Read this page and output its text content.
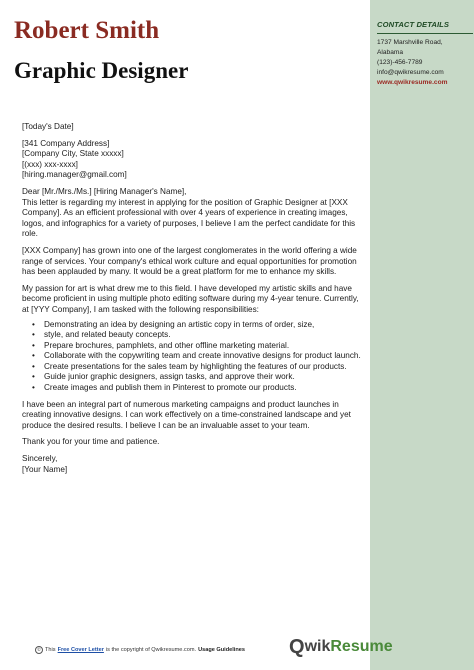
Robert Smith
Graphic Designer
CONTACT DETAILS
1737 Marshville Road,
Alabama
(123)-456-7789
info@qwikresume.com
www.qwikresume.com

[Today's Date]

[341 Company Address]
[Company City, State xxxxx]
[(xxx) xxx-xxxx]
[hiring.manager@gmail.com]

Dear [Mr./Mrs./Ms.] [Hiring Manager's Name],

This letter is regarding my interest in applying for the position of Graphic Designer at [XXX Company]. As an efficient professional with over 4 years of experience in creating images, logos, and infographics for a variety of purposes, I believe I am the perfect candidate for this role.

[XXX Company] has grown into one of the largest conglomerates in the world offering a wide range of services. Your company's ethical work culture and equal opportunities for promotion has been applauded by many. It would be a great platform for me to enhance my skills.

My passion for art is what drew me to this field. I have developed my artistic skills and have become proficient in using multiple photo editing software during my 4-year tenure. Currently, at [YYY Company], I am tasked with the following responsibilities:

• Demonstrating an idea by designing an artistic copy in terms of order, size,
• style, and related beauty concepts.
• Prepare brochures, pamphlets, and other offline marketing material.
• Collaborate with the copywriting team and create innovative designs for product launch.
• Create presentations for the sales team by highlighting the features of our products.
• Guide junior graphic designers, assign tasks, and approve their work.
• Create images and publish them in Pinterest to promote our products.

I have been an integral part of numerous marketing campaigns and product launches in creating innovative designs. I can work effectively on a time-constrained landscape and yet produce the desired results. I believe I can be an invaluable asset to your team.

Thank you for your time and patience.

Sincerely,
[Your Name]

© This Free Cover Letter is the copyright of Qwikresume.com. Usage Guidelines Q wik Resume
